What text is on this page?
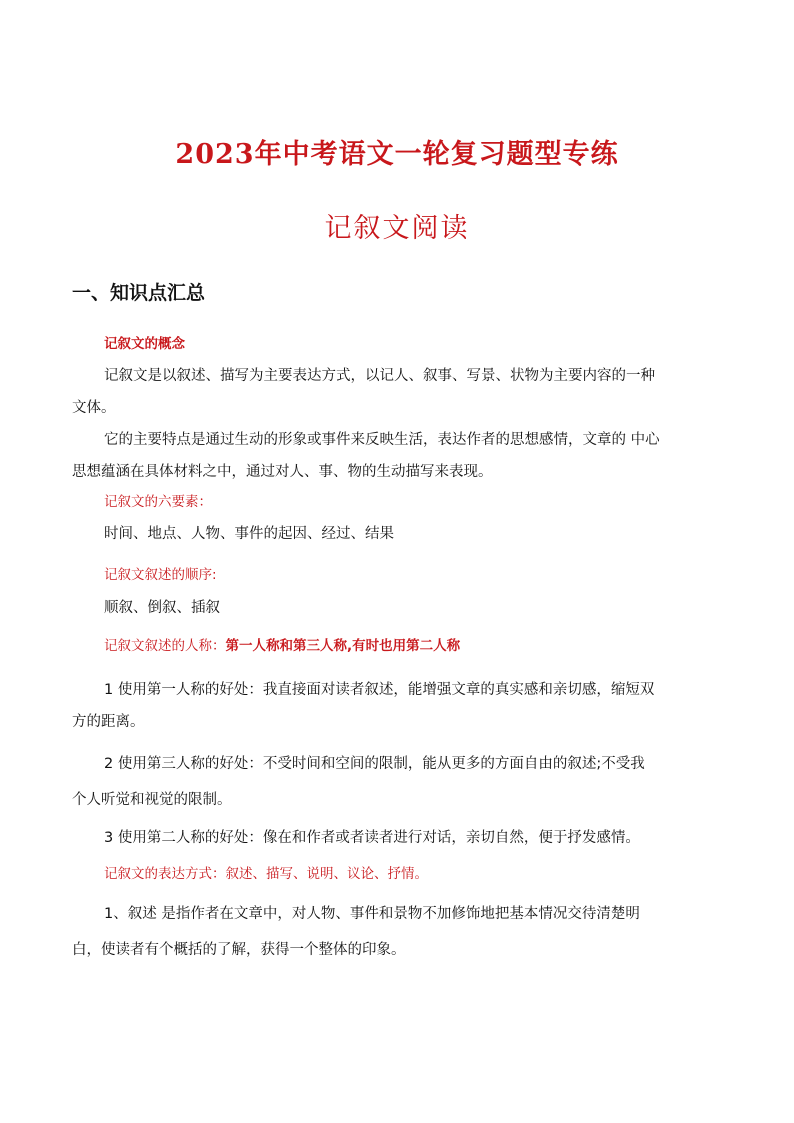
2023年中考语文一轮复习题型专练
记叙文阅读
一、知识点汇总
记叙文的概念
记叙文是以叙述、描写为主要表达方式，以记人、叙事、写景、状物为主要内容的一种
文体。
它的主要特点是通过生动的形象或事件来反映生活，表达作者的思想感情，文章的 中心
思想蕴涵在具体材料之中，通过对人、事、物的生动描写来表现。
记叙文的六要素：
时间、地点、人物、事件的起因、经过、结果
记叙文叙述的顺序:
顺叙、倒叙、插叙
记叙文叙述的人称：第一人称和第三人称,有时也用第二人称
1 使用第一人称的好处：我直接面对读者叙述，能增强文章的真实感和亲切感，缩短双
方的距离。
2 使用第三人称的好处：不受时间和空间的限制，能从更多的方面自由的叙述;不受我
个人听觉和视觉的限制。
3 使用第二人称的好处：像在和作者或者读者进行对话，亲切自然，便于抒发感情。
记叙文的表达方式：叙述、描写、说明、议论、抒情。
1、叙述 是指作者在文章中，对人物、事件和景物不加修饰地把基本情况交待清楚明
白，使读者有个概括的了解，获得一个整体的印象。
